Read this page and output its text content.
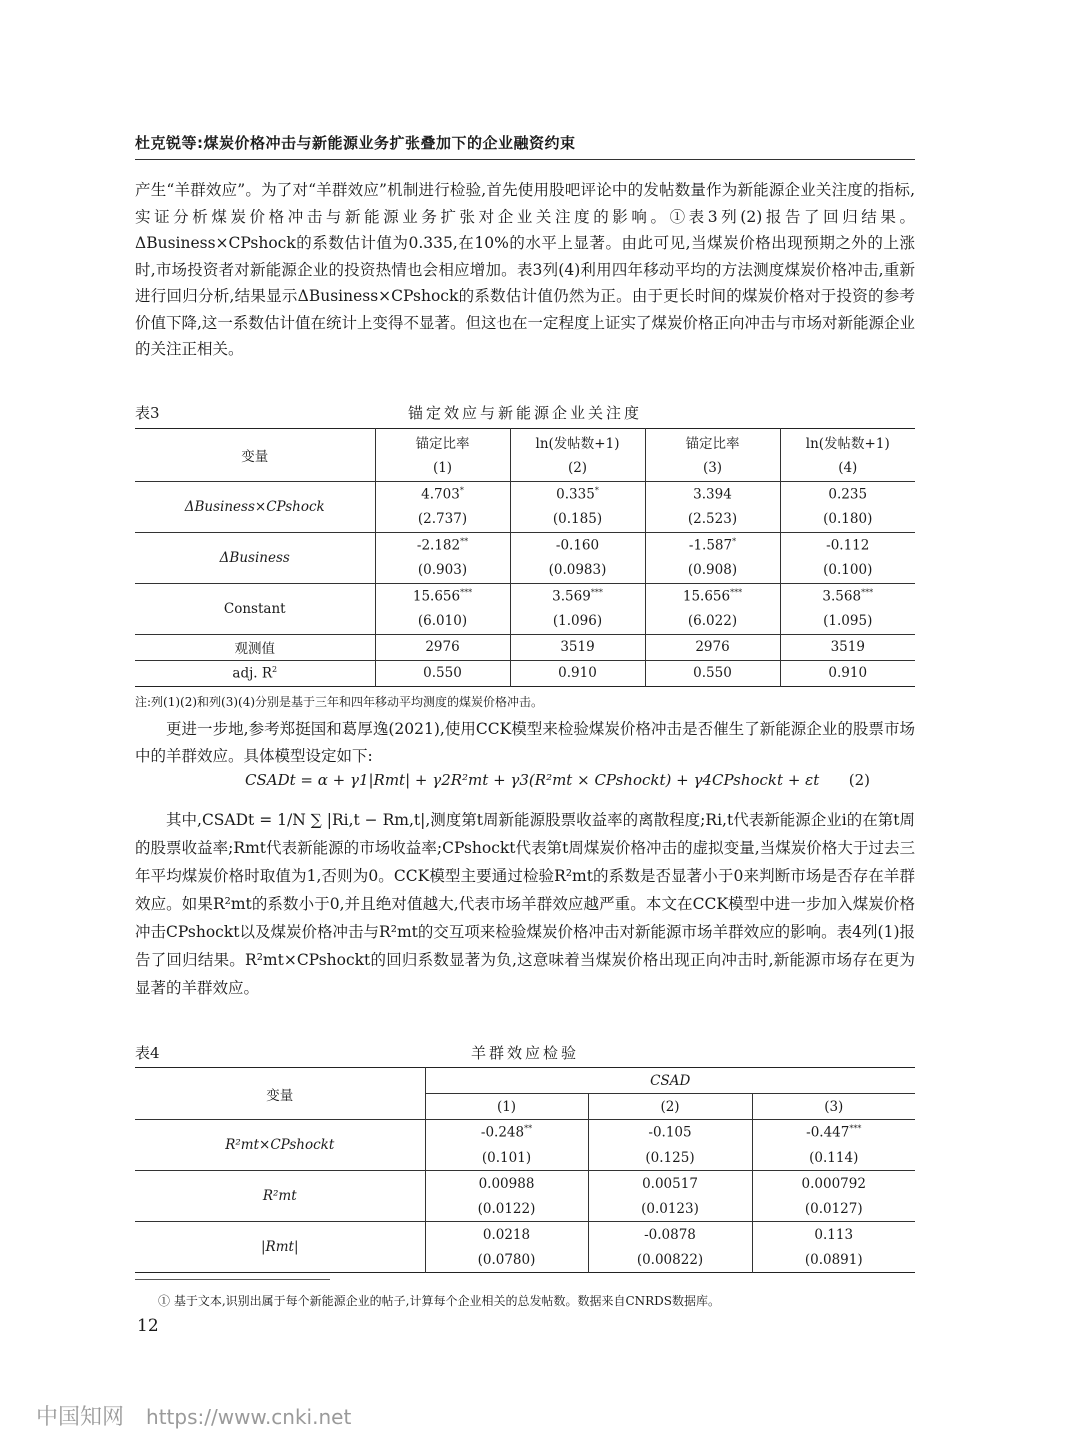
杜克锐等:煤炭价格冲击与新能源业务扩张叠加下的企业融资约束

产生“羊群效应”。为了对“羊群效应”机制进行检验,首先使用股吧评论中的发帖数量作为新能源企业关注度的指标,实证分析煤炭价格冲击与新能源业务扩张对企业关注度的影响。①表3列(2)报告了回归结果。ΔBusiness×CPshock的系数估计值为0.335,在10%的水平上显著。由此可见,当煤炭价格出现预期之外的上涨时,市场投资者对新能源企业的投资热情也会相应增加。表3列(4)利用四年移动平均的方法测度煤炭价格冲击,重新进行回归分析,结果显示ΔBusiness×CPshock的系数估计值仍然为正。由于更长时间的煤炭价格对于投资的参考价值下降,这一系数估计值在统计上变得不显著。但这也在一定程度上证实了煤炭价格正向冲击与市场对新能源企业的关注正相关。

表3	锚定效应与新能源企业关注度
变量	锚定比率	ln(发帖数+1)	锚定比率	ln(发帖数+1)
	(1)	(2)	(3)	(4)
ΔBusiness×CPshock	4.703*	0.335*	3.394	0.235
	(2.737)	(0.185)	(2.523)	(0.180)
ΔBusiness	-2.182**	-0.160	-1.587*	-0.112
	(0.903)	(0.0983)	(0.908)	(0.100)
Constant	15.656***	3.569***	15.656***	3.568***
	(6.010)	(1.096)	(6.022)	(1.095)
观测值	2976	3519	2976	3519
adj. $R^2$	0.550	0.910	0.550	0.910
注:列(1)(2)和列(3)(4)分别是基于三年和四年移动平均测度的煤炭价格冲击。

更进一步地,参考郑挺国和葛厚逸(2021),使用CCK模型来检验煤炭价格冲击是否催生了新能源企业的股票市场中的羊群效应。具体模型设定如下:

CSADt = α + γ1|Rmt| + γ2R²mt + γ3(R²mt × CPshockt) + γ4CPshockt + εt (2)

其中,CSADt = 1/N ∑ |Ri,t − Rm,t|,测度第t周新能源股票收益率的离散程度;Ri,t代表新能源企业i的在第t周的股票收益率;Rmt代表新能源的市场收益率;CPshockt代表第t周煤炭价格冲击的虚拟变量,当煤炭价格大于过去三年平均煤炭价格时取值为1,否则为0。CCK模型主要通过检验R²mt的系数是否显著小于0来判断市场是否存在羊群效应。如果R²mt的系数小于0,并且绝对值越大,代表市场羊群效应越严重。本文在CCK模型中进一步加入煤炭价格冲击CPshockt以及煤炭价格冲击与R²mt的交互项来检验煤炭价格冲击对新能源市场羊群效应的影响。表4列(1)报告了回归结果。R²mt×CPshockt的回归系数显著为负,这意味着当煤炭价格出现正向冲击时,新能源市场存在更为显著的羊群效应。

表4	羊群效应检验
变量	CSAD		
	(1)	(2)	(3)
R²mt×CPshockt	-0.248**	-0.105	-0.447***
	(0.101)	(0.125)	(0.114)
R²mt	0.00988	0.00517	0.000792
	(0.0122)	(0.0123)	(0.0127)
|Rmt|	0.0218	-0.0878	0.113
	(0.0780)	(0.00822)	(0.0891)
① 基于文本,识别出属于每个新能源企业的帖子,计算每个企业相关的总发帖数。数据来自CNRDS数据库。
12
中国知网 https://www.cnki.net
